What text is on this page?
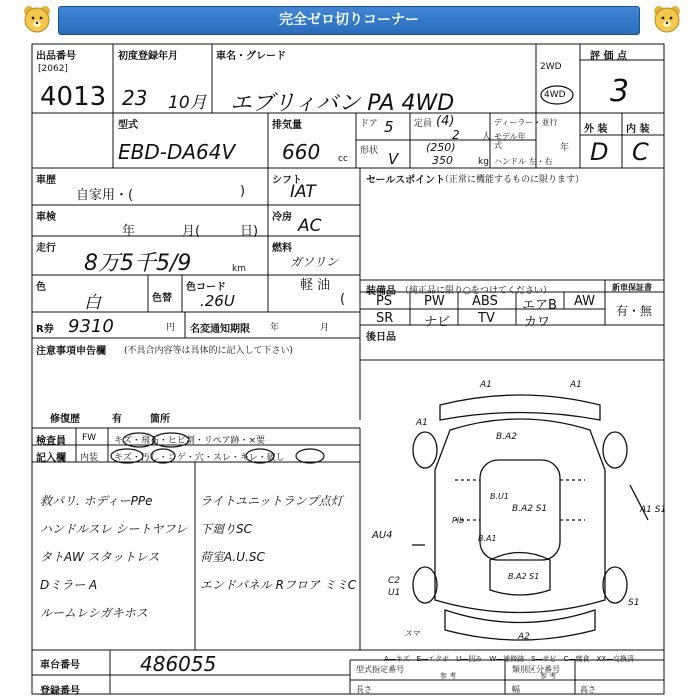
完全ゼロ切りコーナー
出品番号
[2062]
4013
初度登録年月
23 10月
車名・グレード
エブリィバン PA 4WD
2WD
4WD
評 価 点
3
型式
EBD-DA64V
排気量
660 cc
ドア 5 定員 (4)
2 人
形状 V
(250)
350	kg
ディーラー・並行
モデル年式	年
ハンドル 左・右
外 装 内 装
D C
車歴
自家用・(	)
シフト
IAT
車検
年	月(	日)
冷房 AC
走行
8万5千5/9	km
燃料
ガソリン
軽 油
(
色
白	色替
色コード
.26U
R券 9310	円 名変通知期限 年	月
注意事項申告欄 (不具合内容等は具体的に記入して下さい)
修復歴	有	箇所
セールスポイント
（正常に機能するものに限ります）
装備品 （純正品に限り○をつけてください）	新車保証書
有・無
PS PW ABS エアB AW
SR ナビ TV カワ
後日品
検査員 FW キズ・飛石・ヒビ割・リペア跡・×要
記入欄 内装 キズ・汚し・コゲ・穴・スレ・キレ・破し
救パリ. ホディーPPe
ハンドルスレ シートヤフレ
タトAW スタットレス
Dミラー A
ルームレシガキホス
ライトユニットランプ点灯
下廻りSC
荷室A.U.SC
エンドパネル Rフロア ミミC
A1	A1
A1
B.A2
B.U1
B.A2 S1
Pib
B.A1
AU4
C2
U1
A1 S1
S1
A2
B.A2 S1
スマ
A―キズ　E―エクボ　U―凹み　W―補修跡　S―サビ　C―腐食　XX―交換済
車台番号	486055
登録番号
型式指定番号	類別区分番号
参 考	参 考
長さ	幅	高さ
